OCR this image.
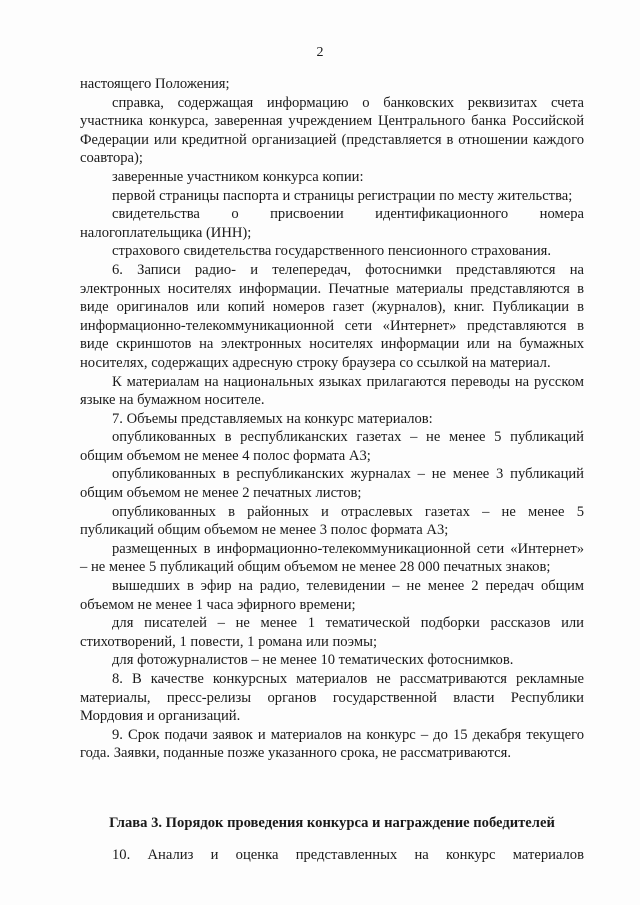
2

настоящего Положения;

справка, содержащая информацию о банковских реквизитах счета участника конкурса, заверенная учреждением Центрального банка Российской Федерации или кредитной организацией (представляется в отношении каждого соавтора);

заверенные участником конкурса копии:

первой страницы паспорта и страницы регистрации по месту жительства;

свидетельства о присвоении идентификационного номера налогоплательщика (ИНН);

страхового свидетельства государственного пенсионного страхования.

6. Записи радио- и телепередач, фотоснимки представляются на электронных носителях информации. Печатные материалы представляются в виде оригиналов или копий номеров газет (журналов), книг. Публикации в информационно-телекоммуникационной сети «Интернет» представляются в виде скриншотов на электронных носителях информации или на бумажных носителях, содержащих адресную строку браузера со ссылкой на материал.

К материалам на национальных языках прилагаются переводы на русском языке на бумажном носителе.

7. Объемы представляемых на конкурс материалов:

опубликованных в республиканских газетах – не менее 5 публикаций общим объемом не менее 4 полос формата А3;

опубликованных в республиканских журналах – не менее 3 публикаций общим объемом не менее 2 печатных листов;

опубликованных в районных и отраслевых газетах – не менее 5 публикаций общим объемом не менее 3 полос формата А3;

размещенных в информационно-телекоммуникационной сети «Интернет» – не менее 5 публикаций общим объемом не менее 28 000 печатных знаков;

вышедших в эфир на радио, телевидении – не менее 2 передач общим объемом не менее 1 часа эфирного времени;

для писателей – не менее 1 тематической подборки рассказов или стихотворений, 1 повести, 1 романа или поэмы;

для фотожурналистов – не менее 10 тематических фотоснимков.

8. В качестве конкурсных материалов не рассматриваются рекламные материалы, пресс-релизы органов государственной власти Республики Мордовия и организаций.

9. Срок подачи заявок и материалов на конкурс – до 15 декабря текущего года. Заявки, поданные позже указанного срока, не рассматриваются.

Глава 3. Порядок проведения конкурса и награждение победителей

10. Анализ и оценка представленных на конкурс материалов
